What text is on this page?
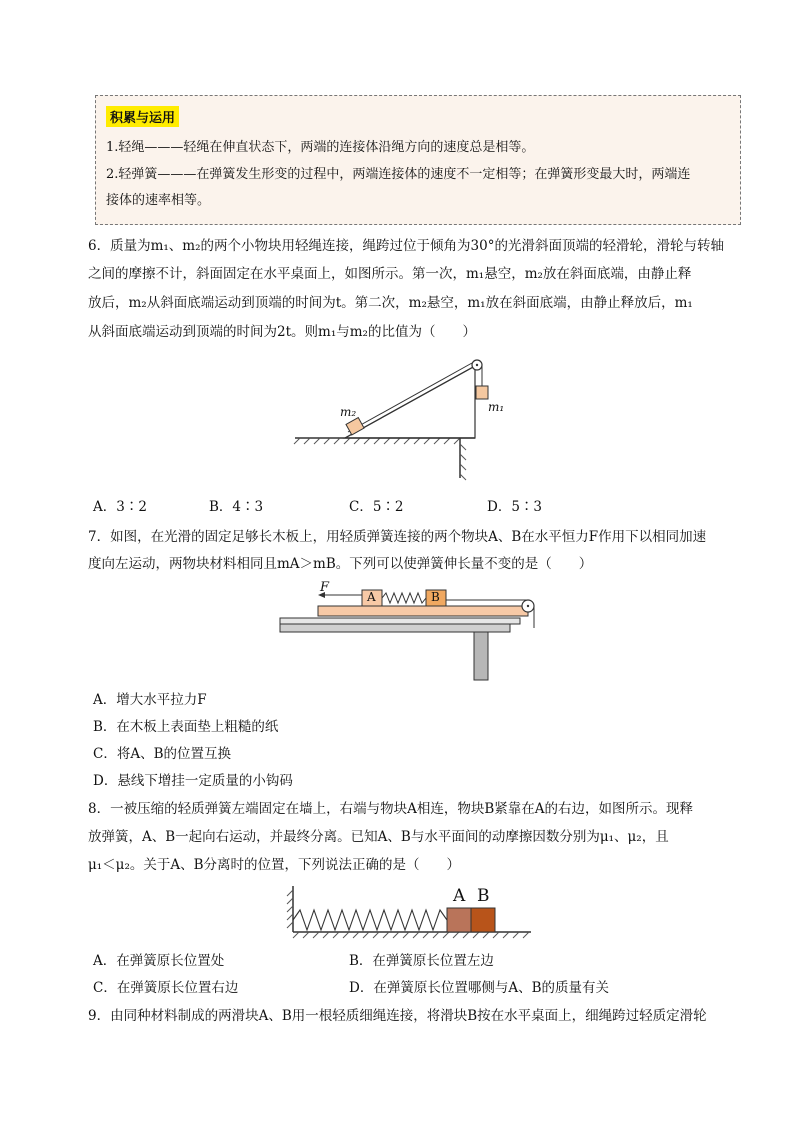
积累与运用
1.轻绳———轻绳在伸直状态下，两端的连接体沿绳方向的速度总是相等。
2.轻弹簧———在弹簧发生形变的过程中，两端连接体的速度不一定相等；在弹簧形变最大时，两端连
接体的速率相等。
6．质量为m₁、m₂的两个小物块用轻绳连接，绳跨过位于倾角为30°的光滑斜面顶端的轻滑轮，滑轮与转轴
之间的摩擦不计，斜面固定在水平桌面上，如图所示。第一次，m₁悬空，m₂放在斜面底端，由静止释
放后，m₂从斜面底端运动到顶端的时间为t。第二次，m₂悬空，m₁放在斜面底端，由静止释放后，m₁
从斜面底端运动到顶端的时间为2t。则m₁与m₂的比值为（　　）
m₁
m₂
A．3∶2	B．4∶3	C．5∶2	D．5∶3
7．如图，在光滑的固定足够长木板上，用轻质弹簧连接的两个物块A、B在水平恒力F作用下以相同加速
度向左运动，两物块材料相同且mA＞mB。下列可以使弹簧伸长量不变的是（　　）
F
A	B
A．增大水平拉力F
B．在木板上表面垫上粗糙的纸
C．将A、B的位置互换
D．悬线下增挂一定质量的小钩码
8．一被压缩的轻质弹簧左端固定在墙上，右端与物块A相连，物块B紧靠在A的右边，如图所示。现释
放弹簧，A、B一起向右运动，并最终分离。已知A、B与水平面间的动摩擦因数分别为μ₁、μ₂，且
μ₁＜μ₂。关于A、B分离时的位置，下列说法正确的是（　　）
A B
A．在弹簧原长位置处	B．在弹簧原长位置左边
C．在弹簧原长位置右边	D．在弹簧原长位置哪侧与A、B的质量有关
9．由同种材料制成的两滑块A、B用一根轻质细绳连接，将滑块B按在水平桌面上，细绳跨过轻质定滑轮
